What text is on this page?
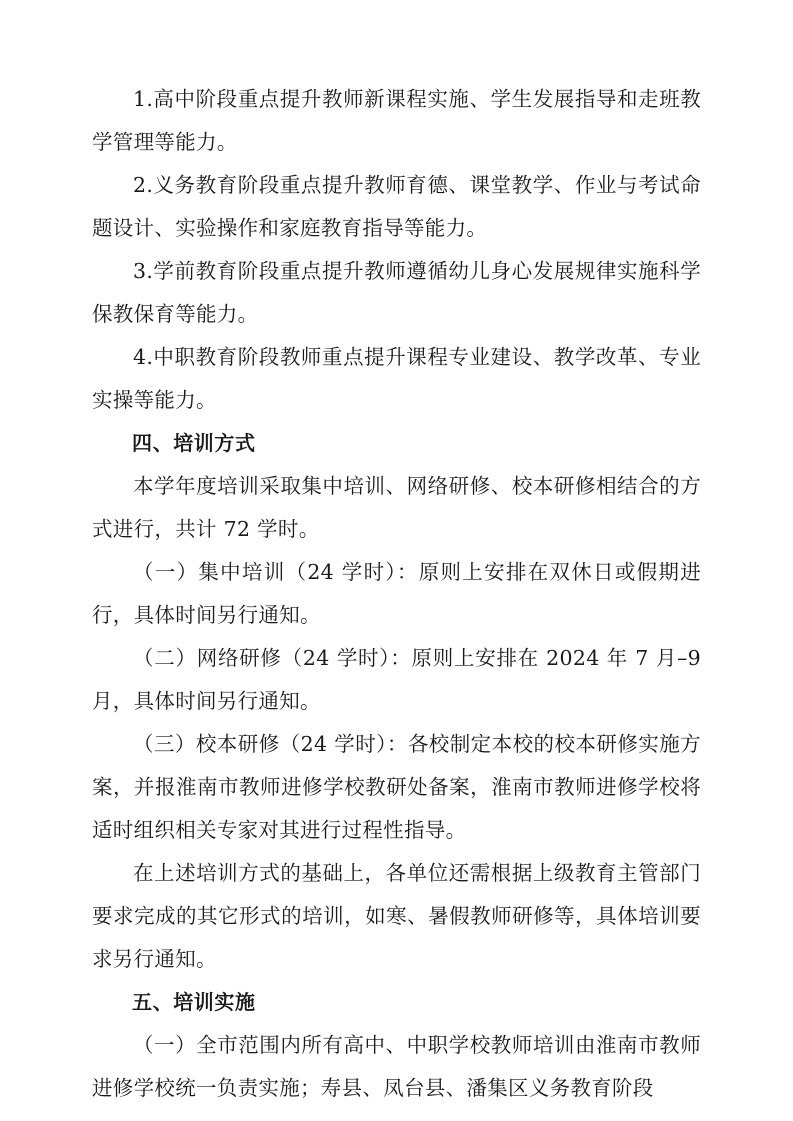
1.高中阶段重点提升教师新课程实施、学生发展指导和走班教学管理等能力。

2.义务教育阶段重点提升教师育德、课堂教学、作业与考试命题设计、实验操作和家庭教育指导等能力。

3.学前教育阶段重点提升教师遵循幼儿身心发展规律实施科学保教保育等能力。

4.中职教育阶段教师重点提升课程专业建设、教学改革、专业实操等能力。

四、培训方式

本学年度培训采取集中培训、网络研修、校本研修相结合的方式进行，共计 72 学时。

（一）集中培训（24 学时）：原则上安排在双休日或假期进行，具体时间另行通知。

（二）网络研修（24 学时）：原则上安排在 2024 年 7 月–9 月，具体时间另行通知。

（三）校本研修（24 学时）：各校制定本校的校本研修实施方案，并报淮南市教师进修学校教研处备案，淮南市教师进修学校将适时组织相关专家对其进行过程性指导。

在上述培训方式的基础上，各单位还需根据上级教育主管部门要求完成的其它形式的培训，如寒、暑假教师研修等，具体培训要求另行通知。

五、培训实施

（一）全市范围内所有高中、中职学校教师培训由淮南市教师进修学校统一负责实施；寿县、凤台县、潘集区义务教育阶段
